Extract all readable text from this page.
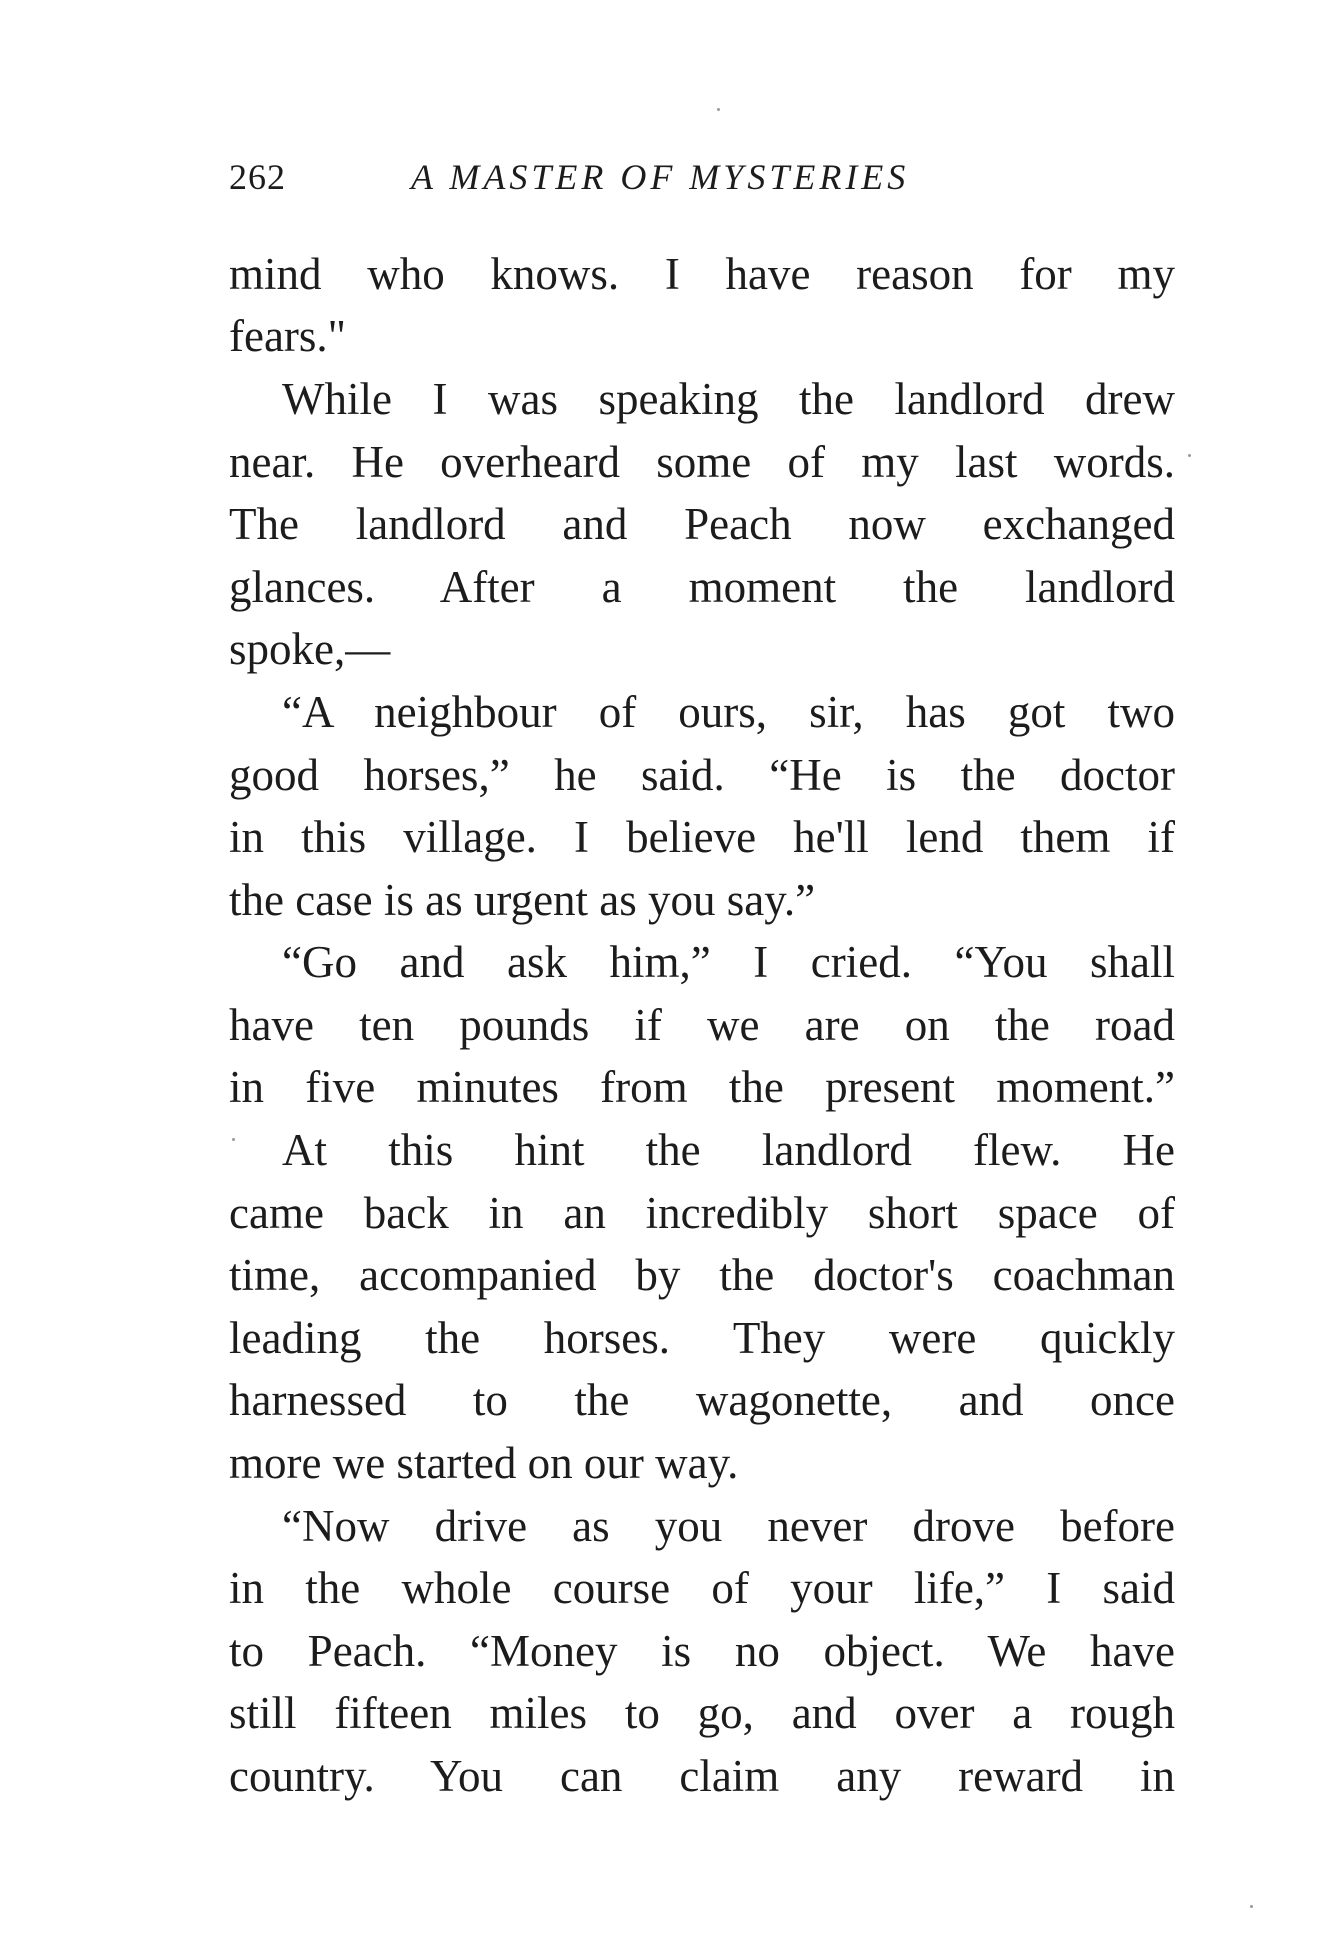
262	A MASTER OF MYSTERIES
mind who knows. I have reason for my
fears."
While I was speaking the landlord drew
near. He overheard some of my last words.
The landlord and Peach now exchanged
glances. After a moment the landlord
spoke,—
“A neighbour of ours, sir, has got two
good horses,” he said. “He is the doctor
in this village. I believe he'll lend them if
the case is as urgent as you say.”
“Go and ask him,” I cried. “You shall
have ten pounds if we are on the road
in five minutes from the present moment.”
At this hint the landlord flew. He
came back in an incredibly short space of
time, accompanied by the doctor's coachman
leading the horses. They were quickly
harnessed to the wagonette, and once
more we started on our way.
“Now drive as you never drove before
in the whole course of your life,” I said
to Peach. “Money is no object. We have
still fifteen miles to go, and over a rough
country. You can claim any reward in
